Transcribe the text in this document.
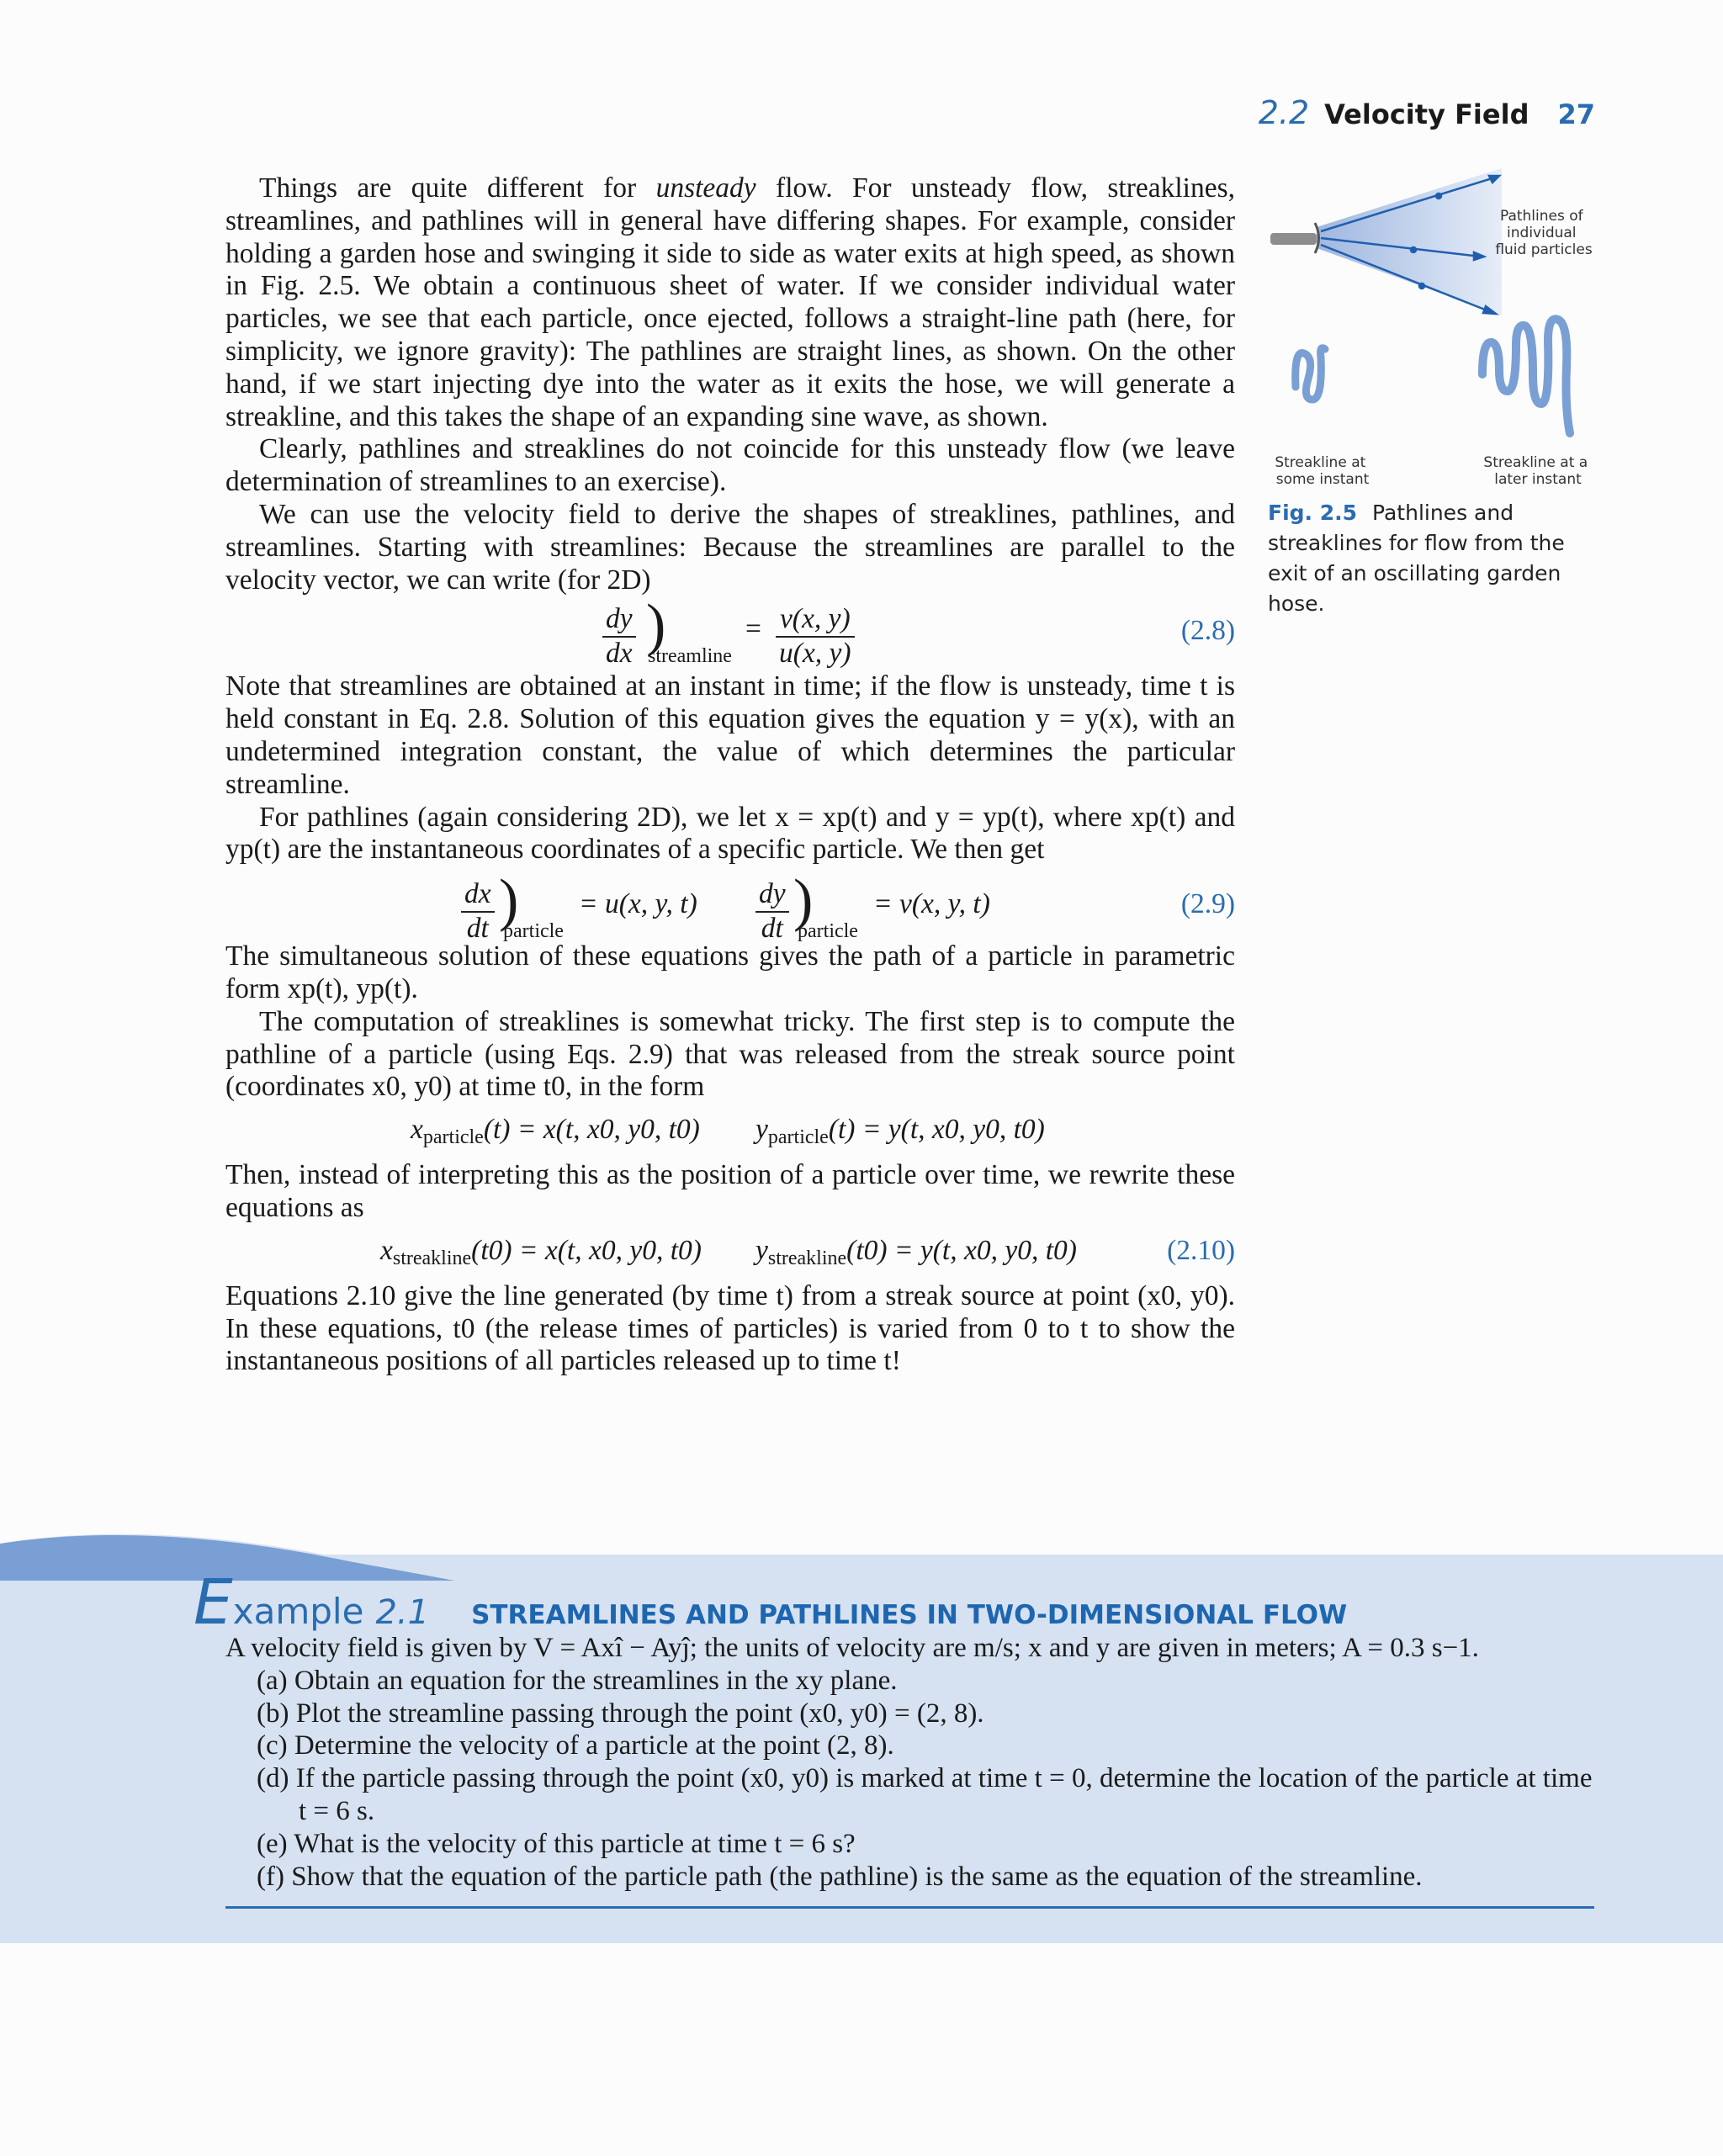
2.2 Velocity Field 27

Things are quite different for unsteady flow. For unsteady flow, streaklines, streamlines, and pathlines will in general have differing shapes. For example, consider holding a garden hose and swinging it side to side as water exits at high speed, as shown in Fig. 2.5. We obtain a continuous sheet of water. If we consider individual water particles, we see that each particle, once ejected, follows a straight-line path (here, for simplicity, we ignore gravity): The pathlines are straight lines, as shown. On the other hand, if we start injecting dye into the water as it exits the hose, we will generate a streakline, and this takes the shape of an expanding sine wave, as shown.

Clearly, pathlines and streaklines do not coincide for this unsteady flow (we leave determination of streamlines to an exercise).

We can use the velocity field to derive the shapes of streaklines, pathlines, and streamlines. Starting with streamlines: Because the streamlines are parallel to the velocity vector, we can write (for 2D)

$\frac{dy}{dx}$ )
streamline
= $\frac{v(x, y)}{u(x, y)}$	(2.8)

Note that streamlines are obtained at an instant in time; if the flow is unsteady, time t is held constant in Eq. 2.8. Solution of this equation gives the equation y = y(x), with an undetermined integration constant, the value of which determines the particular streamline.

For pathlines (again considering 2D), we let x = xp(t) and y = yp(t), where xp(t) and yp(t) are the instantaneous coordinates of a specific particle. We then get

$\frac{dx}{dt}$ )
particle
= u(x, y, $t) \frac{dy}{dt}$ )
particle
= v(x, y, t)	(2.9)

The simultaneous solution of these equations gives the path of a particle in parametric form xp(t), yp(t).

The computation of streaklines is somewhat tricky. The first step is to compute the pathline of a particle (using Eqs. 2.9) that was released from the streak source point (coordinates x0, y0) at time t0, in the form

$x_{particle}(t) = x(t$, x0, y0, t0) $y_{particle}(t) = y(t$, x0, y0, t0)

Then, instead of interpreting this as the position of a particle over time, we rewrite these equations as

$x_{streakline}(t0) = x(t$, x0, y0, t0) $y_{streakline}(t0) = y(t$, x0, y0, t0)	(2.10)

Equations 2.10 give the line generated (by time t) from a streak source at point (x0, y0). In these equations, t0 (the release times of particles) is varied from 0 to t to show the instantaneous positions of all particles released up to time t!

Pathlines of individual fluid particles
Streakline at some instant
Streakline at a later instant
Fig. 2.5 Pathlines and streaklines for flow from the exit of an oscillating garden hose.
E xample 2.1 STREAMLINES AND PATHLINES IN TWO-DIMENSIONAL FLOW

A velocity field is given by V = Axî − Ayĵ; the units of velocity are m/s; x and y are given in meters; A = 0.3 s−1.

(a) Obtain an equation for the streamlines in the xy plane.
(b) Plot the streamline passing through the point (x0, y0) = (2, 8).
(c) Determine the velocity of a particle at the point (2, 8).
(d) If the particle passing through the point (x0, y0) is marked at time t = 0, determine the location of the particle at time t = 6 s.
(e) What is the velocity of this particle at time t = 6 s?
(f) Show that the equation of the particle path (the pathline) is the same as the equation of the streamline.
